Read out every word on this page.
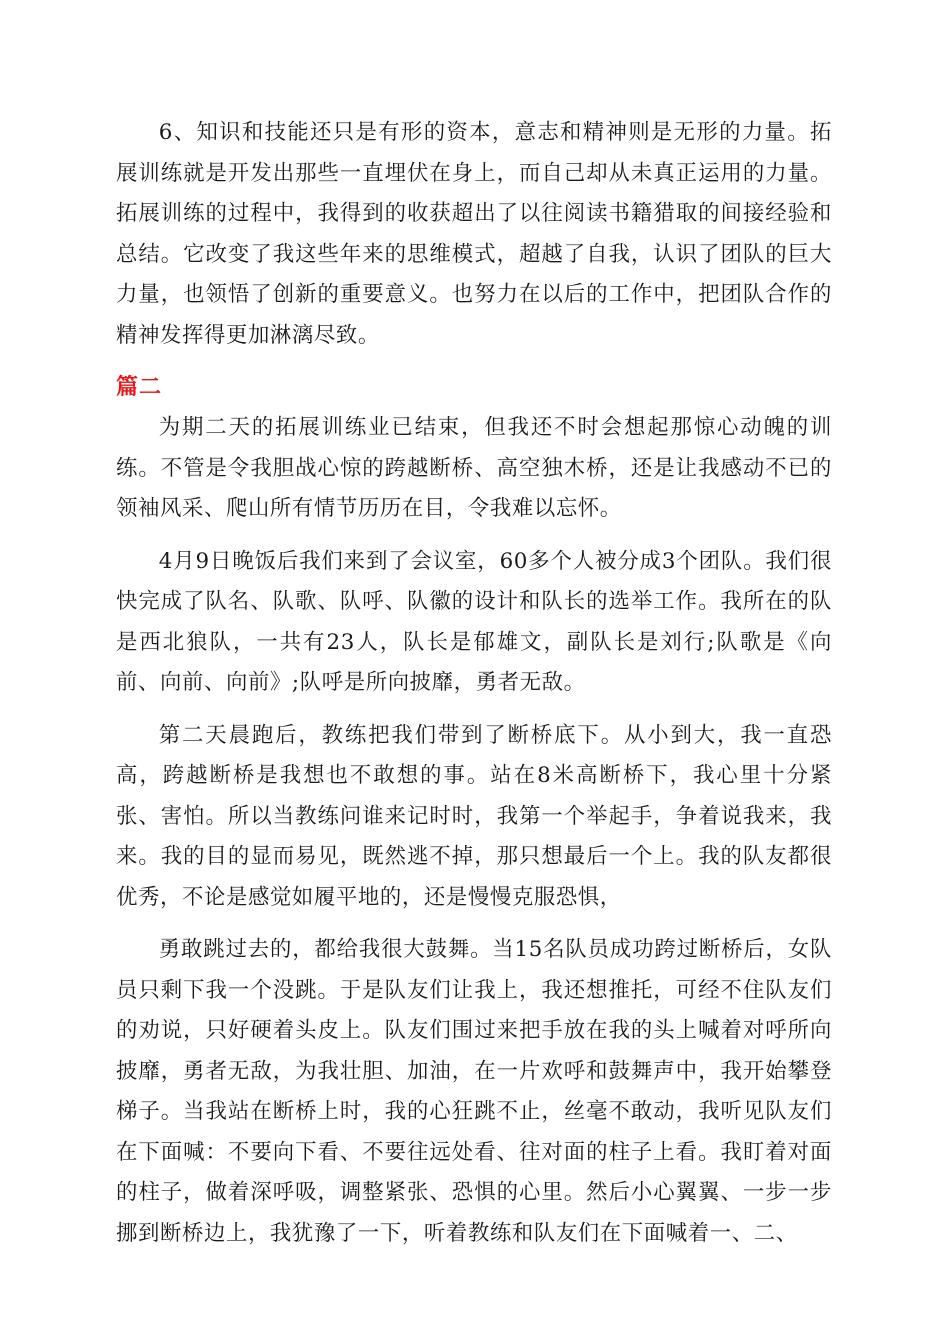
6、知识和技能还只是有形的资本，意志和精神则是无形的力量。拓展训练就是开发出那些一直埋伏在身上，而自己却从未真正运用的力量。拓展训练的过程中，我得到的收获超出了以往阅读书籍猎取的间接经验和总结。它改变了我这些年来的思维模式，超越了自我，认识了团队的巨大力量，也领悟了创新的重要意义。也努力在以后的工作中，把团队合作的精神发挥得更加淋漓尽致。

篇二

为期二天的拓展训练业已结束，但我还不时会想起那惊心动魄的训练。不管是令我胆战心惊的跨越断桥、高空独木桥，还是让我感动不已的领袖风采、爬山所有情节历历在目，令我难以忘怀。

4月9日晚饭后我们来到了会议室，60多个人被分成3个团队。我们很快完成了队名、队歌、队呼、队徽的设计和队长的选举工作。我所在的队是西北狼队，一共有23人，队长是郁雄文，副队长是刘行;队歌是《向前、向前、向前》;队呼是所向披靡，勇者无敌。

第二天晨跑后，教练把我们带到了断桥底下。从小到大，我一直恐高，跨越断桥是我想也不敢想的事。站在8米高断桥下，我心里十分紧张、害怕。所以当教练问谁来记时时，我第一个举起手，争着说我来，我来。我的目的显而易见，既然逃不掉，那只想最后一个上。我的队友都很优秀，不论是感觉如履平地的，还是慢慢克服恐惧，

勇敢跳过去的，都给我很大鼓舞。当15名队员成功跨过断桥后，女队员只剩下我一个没跳。于是队友们让我上，我还想推托，可经不住队友们的劝说，只好硬着头皮上。队友们围过来把手放在我的头上喊着对呼所向披靡，勇者无敌，为我壮胆、加油，在一片欢呼和鼓舞声中，我开始攀登梯子。当我站在断桥上时，我的心狂跳不止，丝毫不敢动，我听见队友们在下面喊：不要向下看、不要往远处看、往对面的柱子上看。我盯着对面的柱子，做着深呼吸，调整紧张、恐惧的心里。然后小心翼翼、一步一步挪到断桥边上，我犹豫了一下，听着教练和队友们在下面喊着一、二、
